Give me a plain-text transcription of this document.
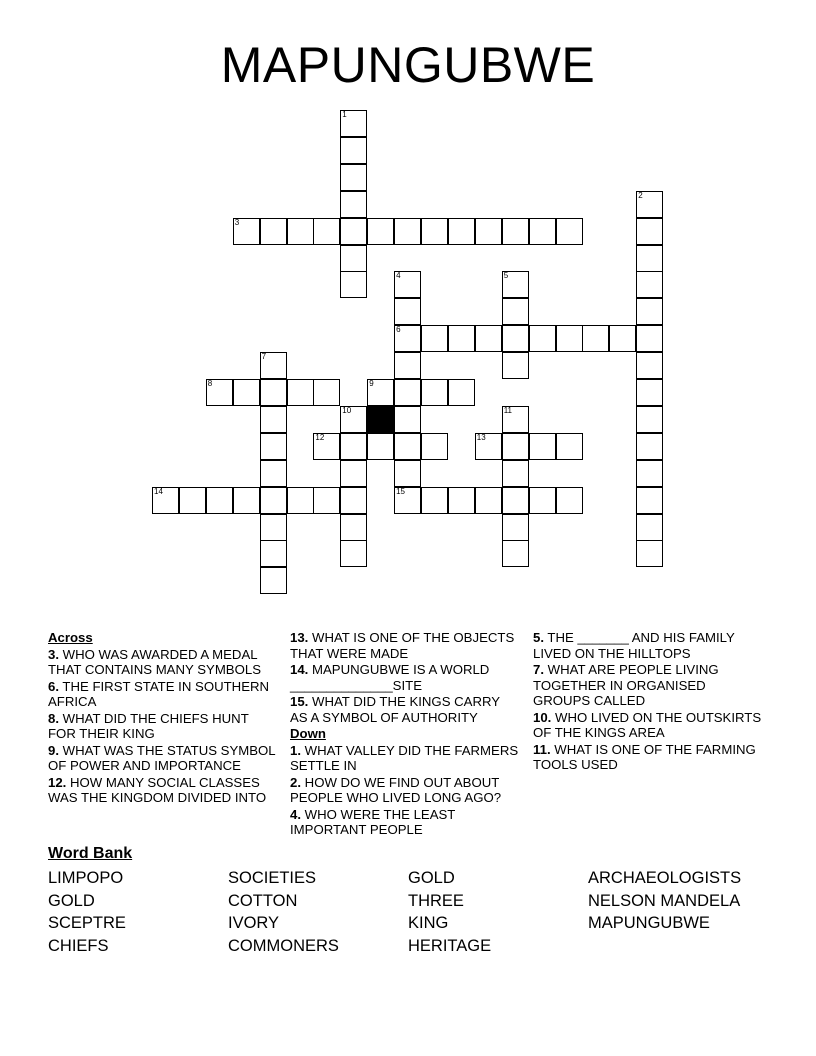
MAPUNGUBWE
3
6
8	9
12	13
14	15
1
2
4	5
7
10	11
Across
3. WHO WAS AWARDED A MEDAL THAT CONTAINS MANY SYMBOLS
6. THE FIRST STATE IN SOUTHERN AFRICA
8. WHAT DID THE CHIEFS HUNT FOR THEIR KING
9. WHAT WAS THE STATUS SYMBOL OF POWER AND IMPORTANCE
12. HOW MANY SOCIAL CLASSES WAS THE KINGDOM DIVIDED INTO
13. WHAT IS ONE OF THE OBJECTS THAT WERE MADE
14. MAPUNGUBWE IS A WORLD ______________SITE
15. WHAT DID THE KINGS CARRY AS A SYMBOL OF AUTHORITY
Down
1. WHAT VALLEY DID THE FARMERS SETTLE IN
2. HOW DO WE FIND OUT ABOUT PEOPLE WHO LIVED LONG AGO?
4. WHO WERE THE LEAST IMPORTANT PEOPLE
5. THE _______ AND HIS FAMILY LIVED ON THE HILLTOPS
7. WHAT ARE PEOPLE LIVING TOGETHER IN ORGANISED GROUPS CALLED
10. WHO LIVED ON THE OUTSKIRTS OF THE KINGS AREA
11. WHAT IS ONE OF THE FARMING TOOLS USED
Word Bank
LIMPOPO
GOLD
SCEPTRE
CHIEFS
SOCIETIES
COTTON
IVORY
COMMONERS
GOLD
THREE
KING
HERITAGE
ARCHAEOLOGISTS
NELSON MANDELA
MAPUNGUBWE
